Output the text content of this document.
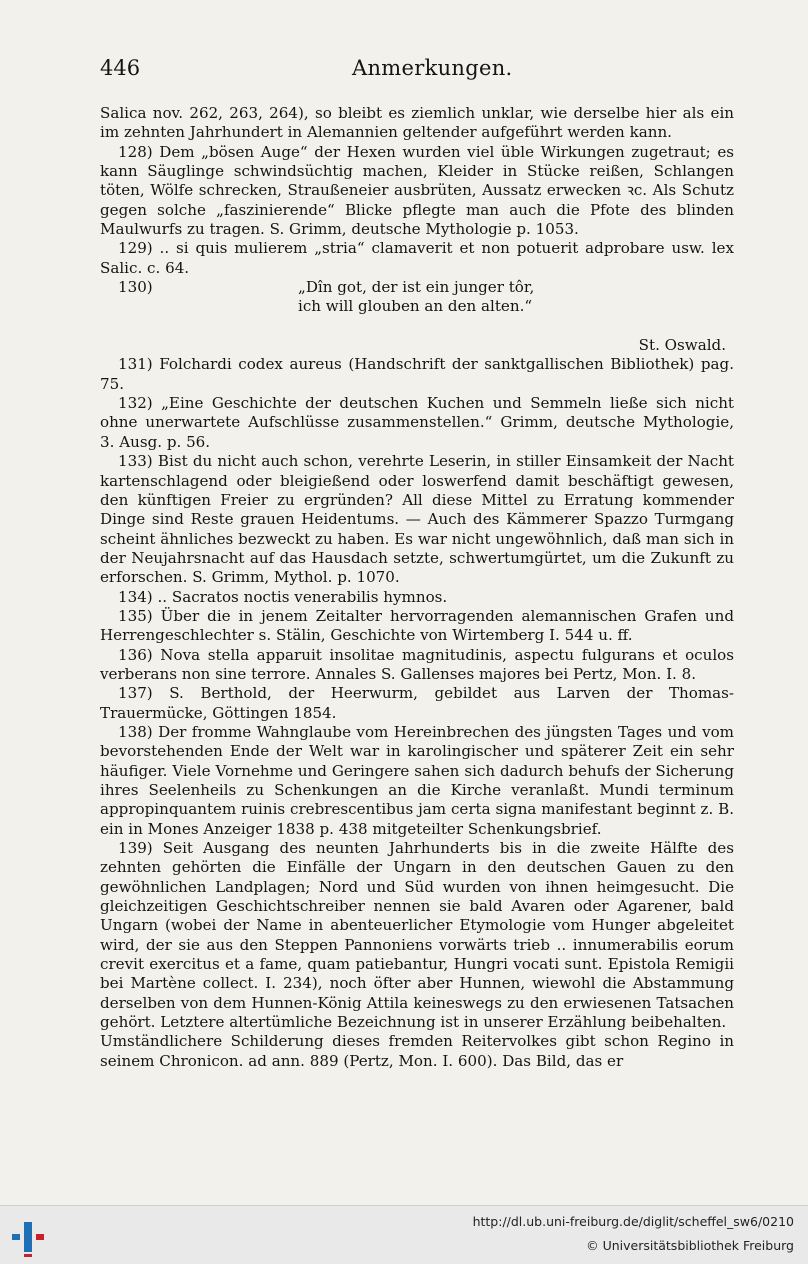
446	Anmerkungen.

Salica nov. 262, 263, 264), so bleibt es ziemlich unklar, wie derselbe hier als ein im zehnten Jahrhundert in Alemannien geltender aufgeführt werden kann.

128) Dem „bösen Auge“ der Hexen wurden viel üble Wirkungen zugetraut; es kann Säuglinge schwindsüchtig machen, Kleider in Stücke reißen, Schlangen töten, Wölfe schrecken, Straußeneier ausbrüten, Aussatz erwecken ꝛc. Als Schutz gegen solche „faszinierende“ Blicke pflegte man auch die Pfote des blinden Maulwurfs zu tragen. S. Grimm, deutsche Mythologie p. 1053.

129) .. si quis mulierem „stria“ clamaverit et non potuerit adprobare usw. lex Salic. c. 64.

130)	„Dîn got, der ist ein junger tôr,
ich will glouben an den alten.“

St. Oswald.

131) Folchardi codex aureus (Handschrift der sanktgallischen Bibliothek) pag. 75.

132) „Eine Geschichte der deutschen Kuchen und Semmeln ließe sich nicht ohne unerwartete Aufschlüsse zusammenstellen.“ Grimm, deutsche Mythologie, 3. Ausg. p. 56.

133) Bist du nicht auch schon, verehrte Leserin, in stiller Einsamkeit der Nacht kartenschlagend oder bleigießend oder loswerfend damit beschäftigt gewesen, den künftigen Freier zu ergründen? All diese Mittel zu Erratung kommender Dinge sind Reste grauen Heidentums. — Auch des Kämmerer Spazzo Turmgang scheint ähnliches bezweckt zu haben. Es war nicht ungewöhnlich, daß man sich in der Neujahrsnacht auf das Hausdach setzte, schwertumgürtet, um die Zukunft zu erforschen. S. Grimm, Mythol. p. 1070.

134) .. Sacratos noctis venerabilis hymnos.

135) Über die in jenem Zeitalter hervorragenden alemannischen Grafen und Herrengeschlechter s. Stälin, Geschichte von Wirtemberg I. 544 u. ff.

136) Nova stella apparuit insolitae magnitudinis, aspectu fulgurans et oculos verberans non sine terrore. Annales S. Gallenses majores bei Pertz, Mon. I. 8.

137) S. Berthold, der Heerwurm, gebildet aus Larven der Thomas-Trauermücke, Göttingen 1854.

138) Der fromme Wahnglaube vom Hereinbrechen des jüngsten Tages und vom bevorstehenden Ende der Welt war in karolingischer und späterer Zeit ein sehr häufiger. Viele Vornehme und Geringere sahen sich dadurch behufs der Sicherung ihres Seelenheils zu Schenkungen an die Kirche veranlaßt. Mundi terminum appropinquantem ruinis crebrescentibus jam certa signa manifestant beginnt z. B. ein in Mones Anzeiger 1838 p. 438 mitgeteilter Schenkungsbrief.

139) Seit Ausgang des neunten Jahrhunderts bis in die zweite Hälfte des zehnten gehörten die Einfälle der Ungarn in den deutschen Gauen zu den gewöhnlichen Landplagen; Nord und Süd wurden von ihnen heimgesucht. Die gleichzeitigen Geschichtschreiber nennen sie bald Avaren oder Agarener, bald Ungarn (wobei der Name in abenteuerlicher Etymologie vom Hunger abgeleitet wird, der sie aus den Steppen Pannoniens vorwärts trieb .. innumerabilis eorum crevit exercitus et a fame, quam patiebantur, Hungri vocati sunt. Epistola Remigii bei Martène collect. I. 234), noch öfter aber Hunnen, wiewohl die Abstammung derselben von dem Hunnen-König Attila keineswegs zu den erwiesenen Tatsachen gehört. Letztere altertümliche Bezeichnung ist in unserer Erzählung beibehalten.

Umständlichere Schilderung dieses fremden Reitervolkes gibt schon Regino in seinem Chronicon. ad ann. 889 (Pertz, Mon. I. 600). Das Bild, das er

http://dl.ub.uni-freiburg.de/diglit/scheffel_sw6/0210
© Universitätsbibliothek Freiburg
